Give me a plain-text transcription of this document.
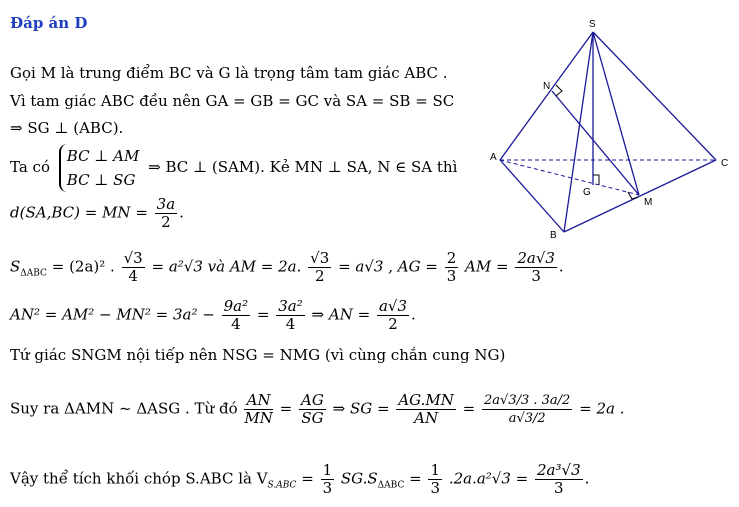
Đáp án D
Gọi M là trung điểm BC và G là trọng tâm tam giác ABC .
Vì tam giác ABC đều nên GA = GB = GC và SA = SB = SC
⇒ SG ⊥ (ABC).
Ta có
BC ⊥ AM
BC ⊥ SG
⇒ BC ⊥ (SAM). Kẻ MN ⊥ SA, N ∈ SA thì
d(SA,BC) = MN = $\frac{3a}{2}$ .
$S_{\Delta ABC} = (2a)^2$ . $\frac{√3}{4} = a^2√3$ và AM = 2a. $\frac{√3}{2} = a√3$ , AG = $\frac{2}{3}$ AM = $\frac{2a√3}{3}$ .
$AN^2 = AM^2 - MN^2 = 3a^2 - \frac{\text{9a²}}{4} = \frac{\text{3a²}}{4}$ ⇒ AN = $\frac{a√3}{2}$ .
Tứ giác SNGM nội tiếp nên NSG = NMG (vì cùng chắn cung NG)
Suy ra ΔAMN ~ ΔASG . Từ đó $\frac{AN}{MN} = \frac{AG}{SG}$ ⇒ SG = $\frac{AG.MN}{AN} = \frac{2a√3/3 . 3a/2}{a√3/2} = 2a$ .
Vậy thể tích khối chóp S.ABC là $V_{S.ABC} = \frac{1}{3} SG.S_{\Delta ABC} = \frac{1}{3} .2a.a^2√3 = \frac{\text{2a³√3}}{3}$ .
S
A
B
C
N
G
M
